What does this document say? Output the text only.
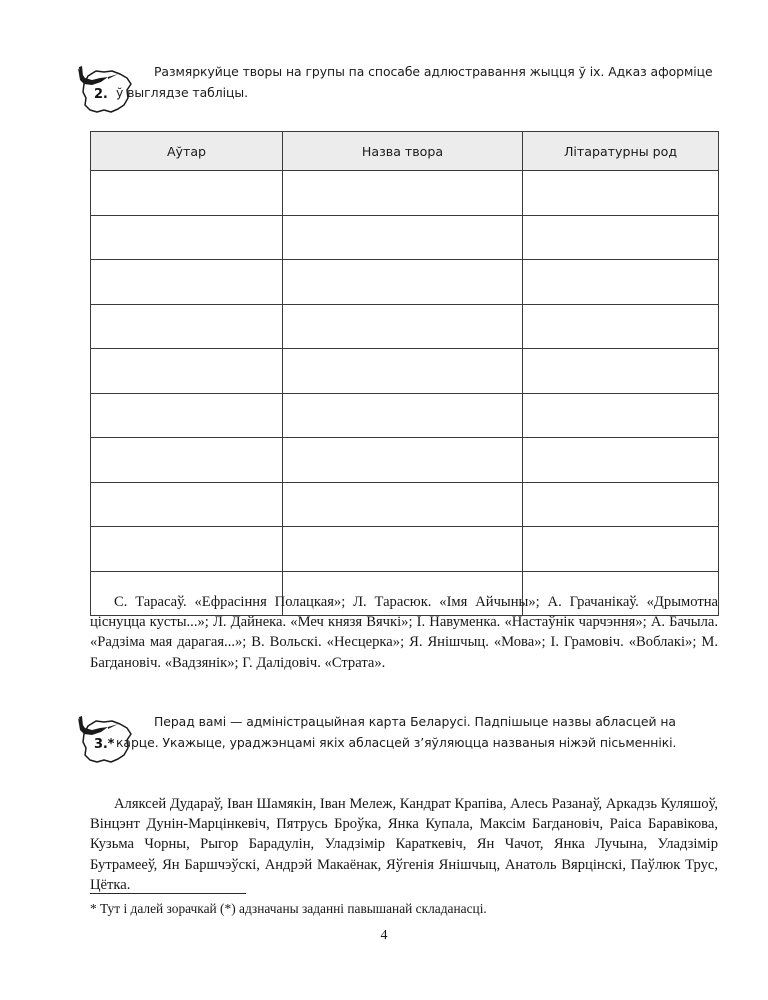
2.
Размяркуйце творы на групы па спосабе адлюстравання жыцця ў іх. Адказ аформіце ў выглядзе табліцы.
Аўтар	Назва твора	Літаратурны род

С. Тарасаў. «Ефрасіння Полацкая»; Л. Тарасюк. «Імя Айчыны»; А. Грачанікаў. «Дрымотна ціснуцца кусты...»; Л. Дайнека. «Меч князя Вячкі»; І. Навуменка. «Настаўнік чарчэння»; А. Бачыла. «Радзіма мая дарагая...»; В. Вольскі. «Несцерка»; Я. Янішчыц. «Мова»; І. Грамовіч. «Воблакі»; М. Багдановіч. «Вадзянік»; Г. Далідовіч. «Страта».
3.*
Перад вамі — адміністрацыйная карта Беларусі. Падпішыце назвы абласцей на карце. Укажыце, ураджэнцамі якіх абласцей з’яўляюцца названыя ніжэй пісьменнікі.
Аляксей Дудараў, Іван Шамякін, Іван Мележ, Кандрат Крапіва, Алесь Разанаў, Аркадзь Куляшоў, Вінцэнт Дунін-Марцінкевіч, Пятрусь Броўка, Янка Купала, Максім Багдановіч, Раіса Баравікова, Кузьма Чорны, Рыгор Барадулін, Уладзімір Караткевіч, Ян Чачот, Янка Лучына, Уладзімір Бутрамееў, Ян Баршчэўскі, Андрэй Макаёнак, Яўгенія Янішчыц, Анатоль Вярцінскі, Паўлюк Трус, Цётка.
* Тут і далей зорачкай (*) адзначаны заданні павышанай складанасці.
4
